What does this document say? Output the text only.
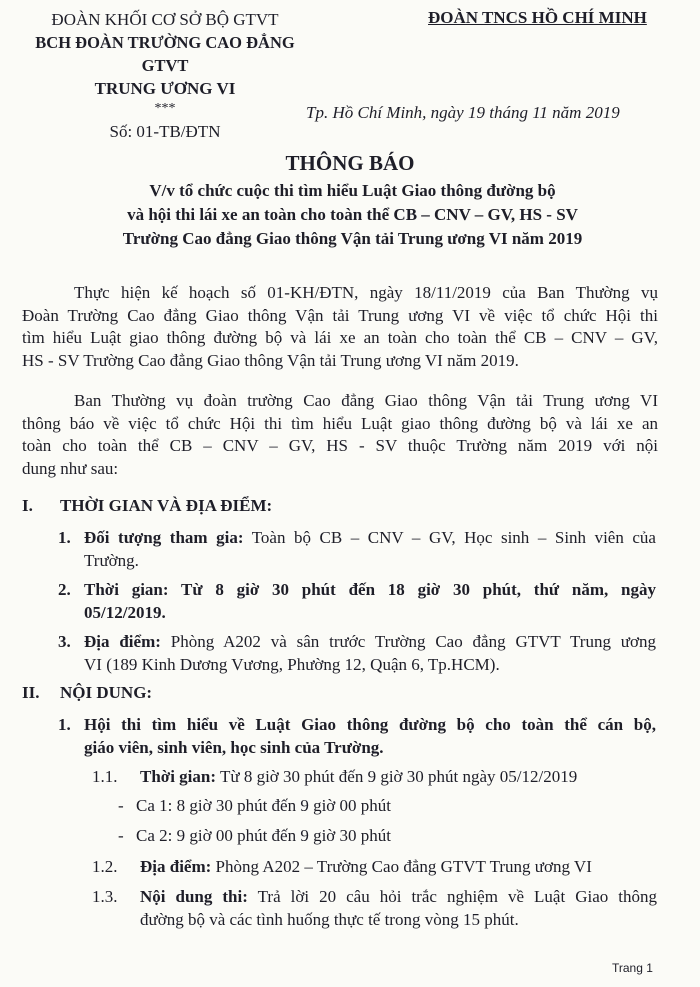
ĐOÀN KHỐI CƠ SỞ BỘ GTVT
BCH ĐOÀN TRƯỜNG CAO ĐẲNG GTVT
TRUNG ƯƠNG VI
***
Số: 01-TB/ĐTN
ĐOÀN TNCS HỒ CHÍ MINH
Tp. Hồ Chí Minh, ngày 19 tháng 11 năm 2019
THÔNG BÁO
V/v tổ chức cuộc thi tìm hiểu Luật Giao thông đường bộ
và hội thi lái xe an toàn cho toàn thể CB – CNV – GV, HS - SV
Trường Cao đẳng Giao thông Vận tải Trung ương VI năm 2019
Thực hiện kế hoạch số 01-KH/ĐTN, ngày 18/11/2019 của Ban Thường vụ
Đoàn Trường Cao đẳng Giao thông Vận tải Trung ương VI về việc tổ chức Hội thi
tìm hiểu Luật giao thông đường bộ và lái xe an toàn cho toàn thể CB – CNV – GV,
HS - SV Trường Cao đẳng Giao thông Vận tải Trung ương VI năm 2019.
Ban Thường vụ đoàn trường Cao đẳng Giao thông Vận tải Trung ương VI
thông báo về việc tổ chức Hội thi tìm hiểu Luật giao thông đường bộ và lái xe an
toàn cho toàn thể CB – CNV – GV, HS - SV thuộc Trường năm 2019 với nội
dung như sau:
I. THỜI GIAN VÀ ĐỊA ĐIỂM:
1. Đối tượng tham gia: Toàn bộ CB – CNV – GV, Học sinh – Sinh viên của
Trường.
2. Thời gian: Từ 8 giờ 30 phút đến 18 giờ 30 phút, thứ năm, ngày
05/12/2019.
3. Địa điểm: Phòng A202 và sân trước Trường Cao đẳng GTVT Trung ương
VI (189 Kinh Dương Vương, Phường 12, Quận 6, Tp.HCM).
II. NỘI DUNG:
1. Hội thi tìm hiểu về Luật Giao thông đường bộ cho toàn thể cán bộ,
giáo viên, sinh viên, học sinh của Trường.
1.1.	Thời gian: Từ 8 giờ 30 phút đến 9 giờ 30 phút ngày 05/12/2019
- Ca 1: 8 giờ 30 phút đến 9 giờ 00 phút
- Ca 2: 9 giờ 00 phút đến 9 giờ 30 phút
1.2.	Địa điểm: Phòng A202 – Trường Cao đẳng GTVT Trung ương VI
1.3.	Nội dung thi: Trả lời 20 câu hỏi trắc nghiệm về Luật Giao thông
đường bộ và các tình huống thực tế trong vòng 15 phút.
Trang 1
